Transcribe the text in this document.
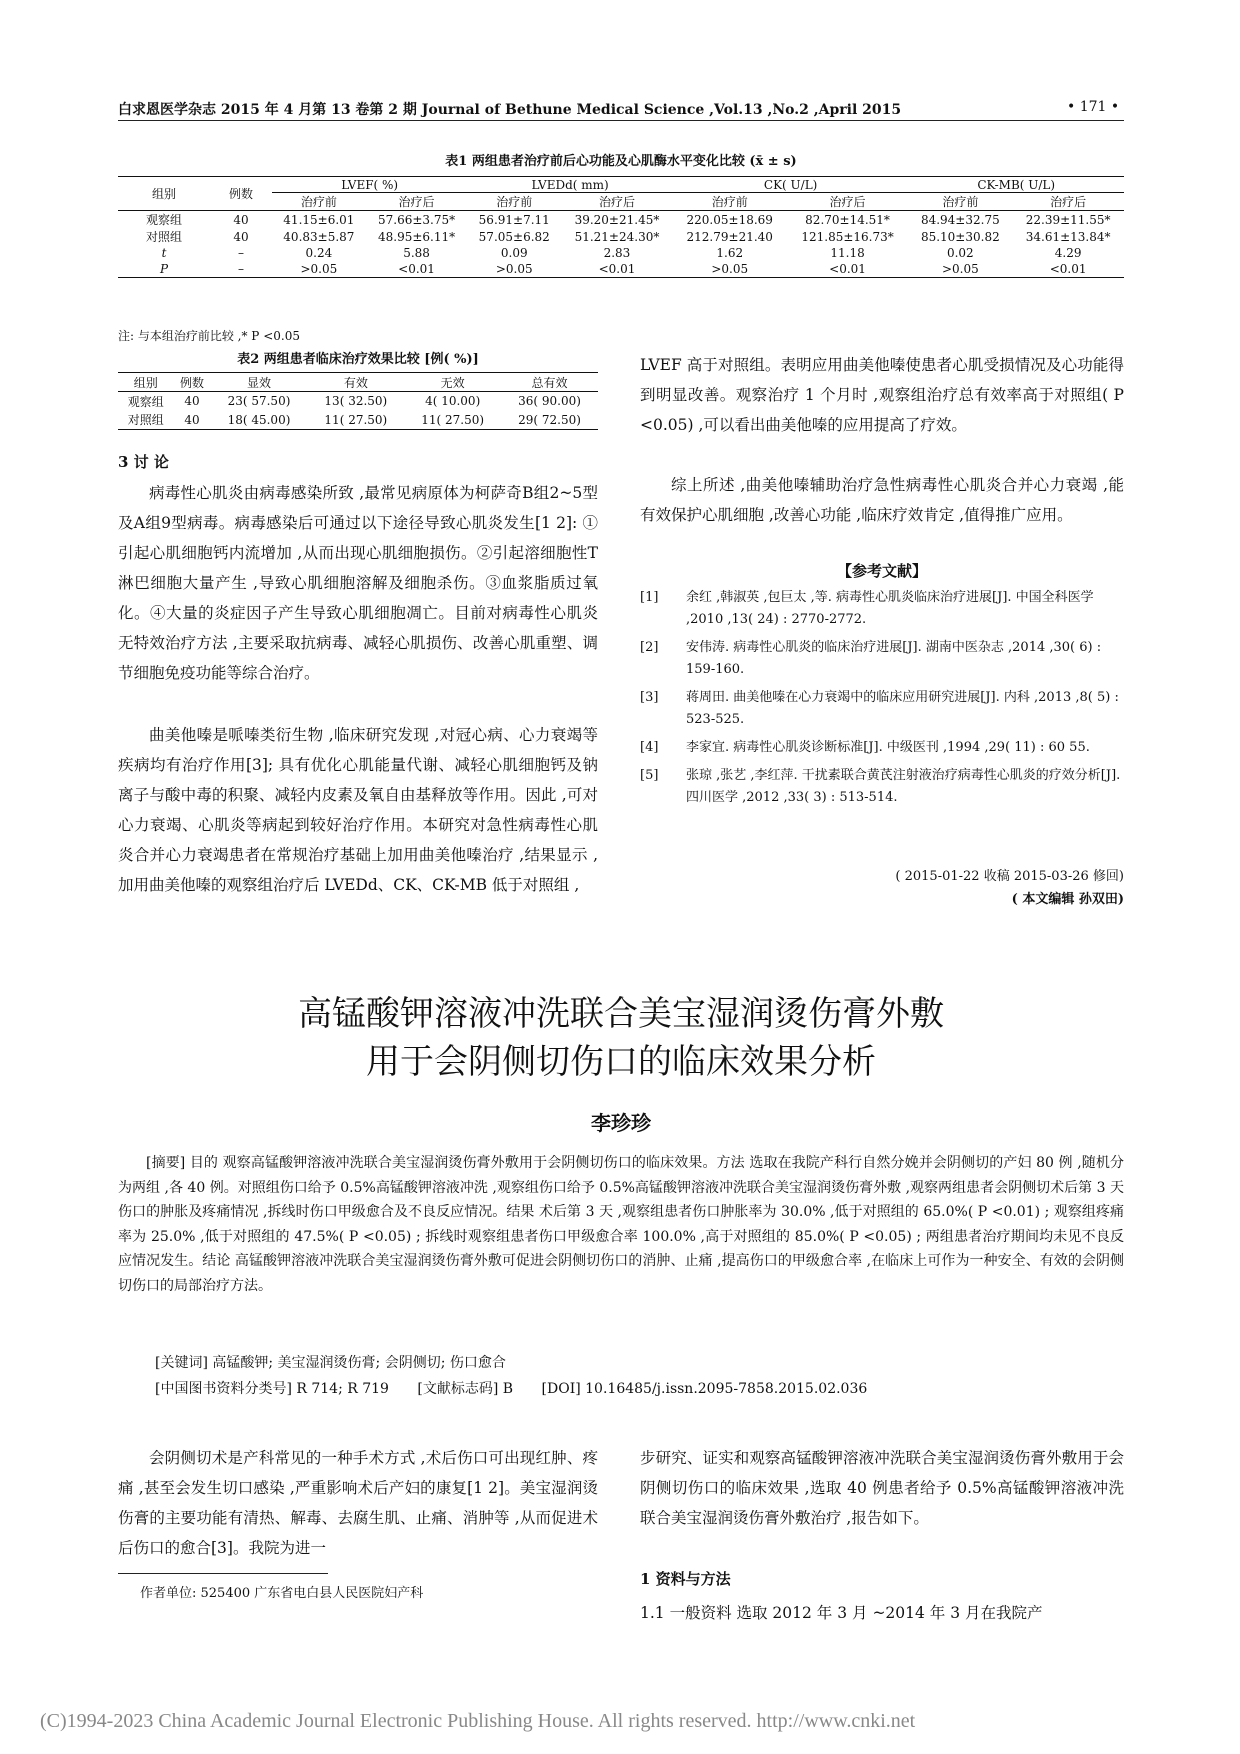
白求恩医学杂志 2015 年 4 月第 13 卷第 2 期 Journal of Bethune Medical Science ,Vol.13 ,No.2 ,April 2015	• 171 •
表1 两组患者治疗前后心功能及心肌酶水平变化比较 (x̄ ± s)
组别	例数	LVEF( %)		LVEDd( mm)		CK( U/L)		CK-MB( U/L)	
		治疗前	治疗后	治疗前	治疗后	治疗前	治疗后	治疗前	治疗后
观察组	40	41.15±6.01	57.66±3.75*	56.91±7.11	39.20±21.45*	220.05±18.69	82.70±14.51*	84.94±32.75	22.39±11.55*
对照组	40	40.83±5.87	48.95±6.11*	57.05±6.82	51.21±24.30*	212.79±21.40	121.85±16.73*	85.10±30.82	34.61±13.84*
t	–	0.24	5.88	0.09	2.83	1.62	11.18	0.02	4.29
P	–	>0.05	<0.01	>0.05	<0.01	>0.05	<0.01	>0.05	<0.01
注: 与本组治疗前比较 ,* P <0.05
表2 两组患者临床治疗效果比较 [例( %)]
组别	例数	显效	有效	无效	总有效
观察组	40	23( 57.50)	13( 32.50)	4( 10.00)	36( 90.00)
对照组	40	18( 45.00)	11( 27.50)	11( 27.50)	29( 72.50)
3 讨 论
病毒性心肌炎由病毒感染所致 ,最常见病原体为柯萨奇B组2~5型及A组9型病毒。病毒感染后可通过以下途径导致心肌炎发生[1 2]: ①引起心肌细胞钙内流增加 ,从而出现心肌细胞损伤。②引起溶细胞性T淋巴细胞大量产生 ,导致心肌细胞溶解及细胞杀伤。③血浆脂质过氧化。④大量的炎症因子产生导致心肌细胞凋亡。目前对病毒性心肌炎无特效治疗方法 ,主要采取抗病毒、减轻心肌损伤、改善心肌重塑、调节细胞免疫功能等综合治疗。
曲美他嗪是哌嗪类衍生物 ,临床研究发现 ,对冠心病、心力衰竭等疾病均有治疗作用[3]; 具有优化心肌能量代谢、减轻心肌细胞钙及钠离子与酸中毒的积聚、减轻内皮素及氧自由基释放等作用。因此 ,可对心力衰竭、心肌炎等病起到较好治疗作用。本研究对急性病毒性心肌炎合并心力衰竭患者在常规治疗基础上加用曲美他嗪治疗 ,结果显示 ,加用曲美他嗪的观察组治疗后 LVEDd、CK、CK-MB 低于对照组 ,
LVEF 高于对照组。表明应用曲美他嗪使患者心肌受损情况及心功能得到明显改善。观察治疗 1 个月时 ,观察组治疗总有效率高于对照组( P <0.05) ,可以看出曲美他嗪的应用提高了疗效。
综上所述 ,曲美他嗪辅助治疗急性病毒性心肌炎合并心力衰竭 ,能有效保护心肌细胞 ,改善心功能 ,临床疗效肯定 ,值得推广应用。
【参考文献】
[1] 余红 ,韩淑英 ,包巨太 ,等. 病毒性心肌炎临床治疗进展[J]. 中国全科医学 ,2010 ,13( 24) : 2770-2772.
[2] 安伟涛. 病毒性心肌炎的临床治疗进展[J]. 湖南中医杂志 ,2014 ,30( 6) : 159-160.
[3] 蒋周田. 曲美他嗪在心力衰竭中的临床应用研究进展[J]. 内科 ,2013 ,8( 5) : 523-525.
[4] 李家宜. 病毒性心肌炎诊断标准[J]. 中级医刊 ,1994 ,29( 11) : 60 55.
[5] 张琼 ,张艺 ,李红萍. 干扰素联合黄芪注射液治疗病毒性心肌炎的疗效分析[J]. 四川医学 ,2012 ,33( 3) : 513-514.
( 2015-01-22 收稿 2015-03-26 修回)
( 本文编辑 孙双田)
高锰酸钾溶液冲洗联合美宝湿润烫伤膏外敷
用于会阴侧切伤口的临床效果分析
李珍珍
[摘要] 目的 观察高锰酸钾溶液冲洗联合美宝湿润烫伤膏外敷用于会阴侧切伤口的临床效果。方法 选取在我院产科行自然分娩并会阴侧切的产妇 80 例 ,随机分为两组 ,各 40 例。对照组伤口给予 0.5%高锰酸钾溶液冲洗 ,观察组伤口给予 0.5%高锰酸钾溶液冲洗联合美宝湿润烫伤膏外敷 ,观察两组患者会阴侧切术后第 3 天伤口的肿胀及疼痛情况 ,拆线时伤口甲级愈合及不良反应情况。结果 术后第 3 天 ,观察组患者伤口肿胀率为 30.0% ,低于对照组的 65.0%( P <0.01) ; 观察组疼痛率为 25.0% ,低于对照组的 47.5%( P <0.05) ; 拆线时观察组患者伤口甲级愈合率 100.0% ,高于对照组的 85.0%( P <0.05) ; 两组患者治疗期间均未见不良反应情况发生。结论 高锰酸钾溶液冲洗联合美宝湿润烫伤膏外敷可促进会阴侧切伤口的消肿、止痛 ,提高伤口的甲级愈合率 ,在临床上可作为一种安全、有效的会阴侧切伤口的局部治疗方法。
[关键词] 高锰酸钾; 美宝湿润烫伤膏; 会阴侧切; 伤口愈合
[中国图书资料分类号] R 714; R 719 [文献标志码] B [DOI] 10.16485/j.issn.2095-7858.2015.02.036
会阴侧切术是产科常见的一种手术方式 ,术后伤口可出现红肿、疼痛 ,甚至会发生切口感染 ,严重影响术后产妇的康复[1 2]。美宝湿润烫伤膏的主要功能有清热、解毒、去腐生肌、止痛、消肿等 ,从而促进术后伤口的愈合[3]。我院为进一
作者单位: 525400 广东省电白县人民医院妇产科
步研究、证实和观察高锰酸钾溶液冲洗联合美宝湿润烫伤膏外敷用于会阴侧切伤口的临床效果 ,选取 40 例患者给予 0.5%高锰酸钾溶液冲洗联合美宝湿润烫伤膏外敷治疗 ,报告如下。
1 资料与方法
1.1 一般资料 选取 2012 年 3 月 ~2014 年 3 月在我院产
(C)1994-2023 China Academic Journal Electronic Publishing House. All rights reserved. http://www.cnki.net
